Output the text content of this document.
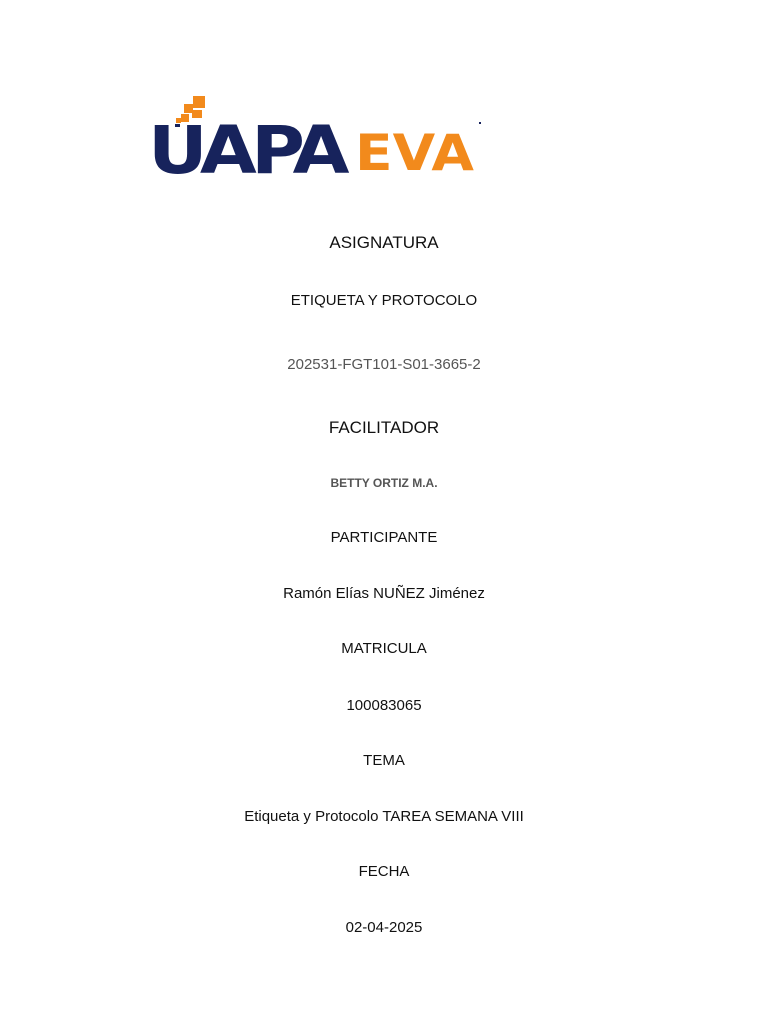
UAPA EVA
ASIGNATURA
ETIQUETA Y PROTOCOLO
202531-FGT101-S01-3665-2
FACILITADOR
BETTY ORTIZ M.A.
PARTICIPANTE
Ramón Elías NUÑEZ Jiménez
MATRICULA
100083065
TEMA
Etiqueta y Protocolo TAREA SEMANA VIII
FECHA
02-04-2025
